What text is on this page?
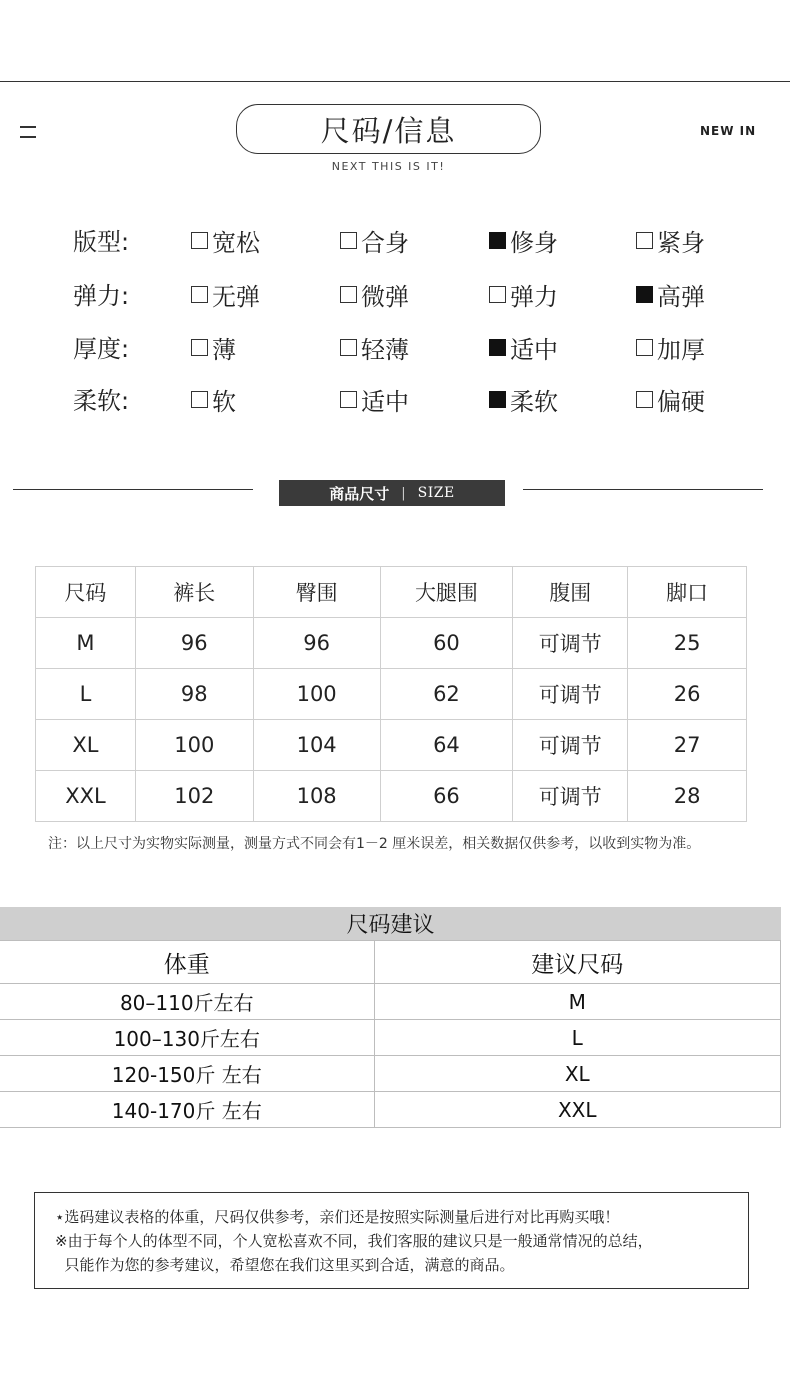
尺码/信息
NEXT THIS IS IT!
NEW IN
版型:	宽松	合身	修身	紧身
弹力:	无弹	微弹	弹力	高弹
厚度:	薄	轻薄	适中	加厚
柔软:	软	适中	柔软	偏硬
商品尺寸 | SIZE
尺码	裤长	臀围	大腿围	腹围	脚口
M	96	96	60	可调节	25
L	98	100	62	可调节	26
XL	100	104	64	可调节	27
XXL	102	108	66	可调节	28
注：以上尺寸为实物实际测量，测量方式不同会有1－2 厘米误差，相关数据仅供参考，以收到实物为准。
尺码建议
体重	建议尺码
80–110斤左右	M
100–130斤左右	L
120-150斤 左右	XL
140-170斤 左右	XXL
⋆选码建议表格的体重，尺码仅供参考，亲们还是按照实际测量后进行对比再购买哦！
※由于每个人的体型不同，个人宽松喜欢不同，我们客服的建议只是一般通常情况的总结，
只能作为您的参考建议，希望您在我们这里买到合适，满意的商品。
